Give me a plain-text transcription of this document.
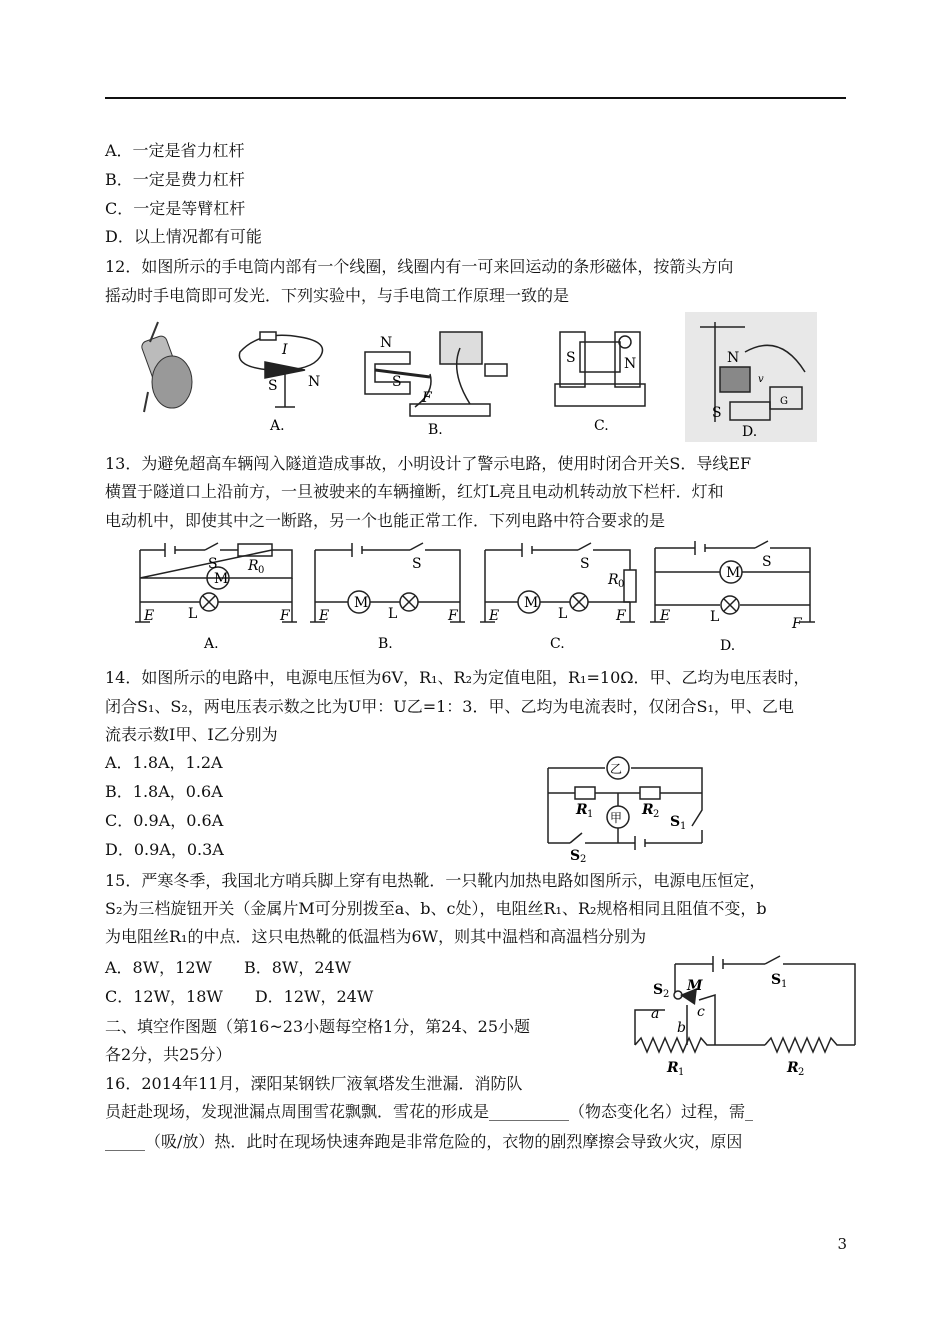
A．一定是省力杠杆
B．一定是费力杠杆
C．一定是等臂杠杆
D．以上情况都有可能
12．如图所示的手电筒内部有一个线圈，线圈内有一可来回运动的条形磁体，按箭头方向
摇动时手电筒即可发光．下列实验中，与手电筒工作原理一致的是
S N
I
A.
N
S
F
B.
S	N
C.
N
S
v
G
D.
13．为避免超高车辆闯入隧道造成事故，小明设计了警示电路，使用时闭合开关S．导线EF
横置于隧道口上沿前方，一旦被驶来的车辆撞断，红灯L亮且电动机转动放下栏杆．灯和
电动机中，即使其中之一断路，另一个也能正常工作．下列电路中符合要求的是
M
L
S R 0
E	F
A.
M
L
S
E	F
B.
M
L
S
R 0
E	F
C.
M
L
S
E	F
D.
14．如图所示的电路中，电源电压恒为6V，R₁、R₂为定值电阻，R₁=10Ω．甲、乙均为电压表时，
闭合S₁、S₂，两电压表示数之比为U甲：U乙=1：3．甲、乙均为电流表时，仅闭合S₁，甲、乙电
流表示数I甲、I乙分别为
A．1.8A，1.2A
B．1.8A，0.6A
C．0.9A，0.6A
D．0.9A，0.3A
乙
甲
R 1	R 2 S 1
S 2
15．严寒冬季，我国北方哨兵脚上穿有电热靴．一只靴内加热电路如图所示，电源电压恒定，
S₂为三档旋钮开关（金属片M可分别拨至a、b、c处），电阻丝R₁、R₂规格相同且阻值不变，b
为电阻丝R₁的中点．这只电热靴的低温档为6W，则其中温档和高温档分别为
A．8W，12W　　B．8W，24W
C．12W，18W　　D．12W，24W	S 2
M
a
b
c
S 1
R 1	R 2
二、填空作图题（第16~23小题每空格1分，第24、25小题
各2分，共25分）
16．2014年11月，溧阳某钢铁厂液氧塔发生泄漏．消防队
员赶赴现场，发现泄漏点周围雪花飘飘．雪花的形成是__________（物态变化名）过程，需_
_____（吸/放）热．此时在现场快速奔跑是非常危险的，衣物的剧烈摩擦会导致火灾，原因
3
